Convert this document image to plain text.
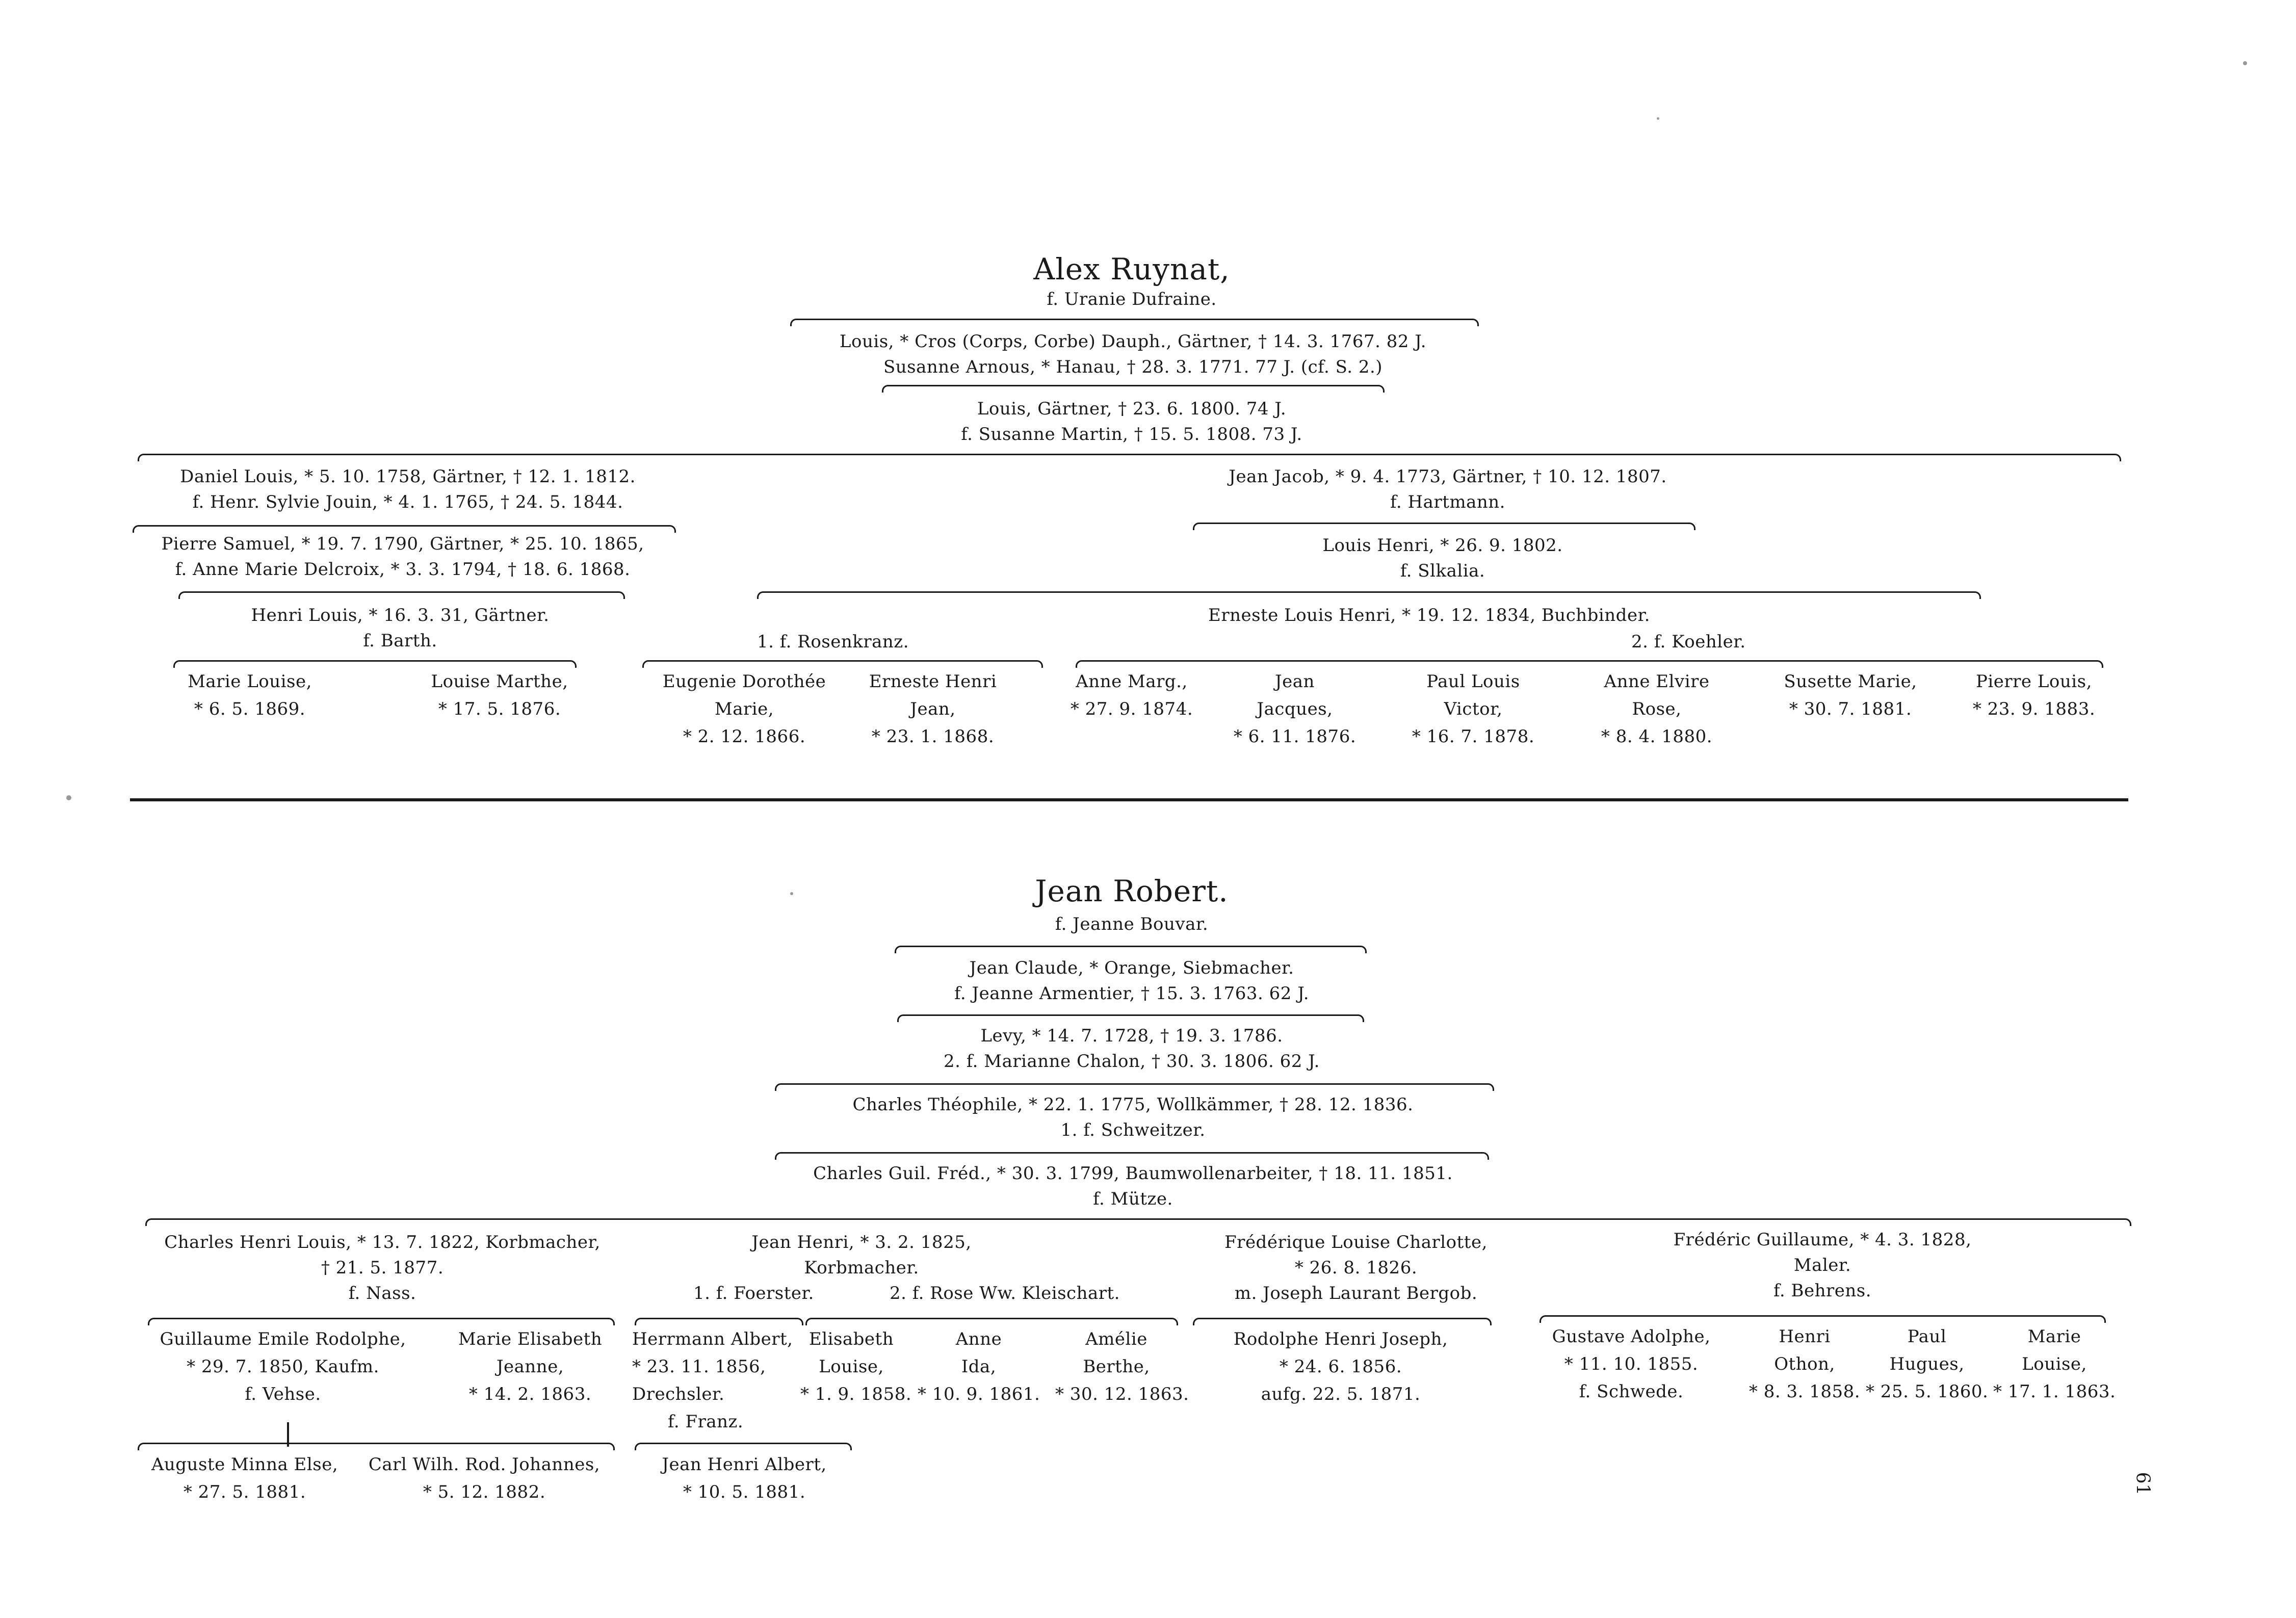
Alex Ruynat,
f. Uranie Dufraine.
Louis, * Cros (Corps, Corbe) Dauph., Gärtner, † 14. 3. 1767. 82 J.
Susanne Arnous, * Hanau, † 28. 3. 1771. 77 J. (cf. S. 2.)
Louis, Gärtner, † 23. 6. 1800. 74 J.
f. Susanne Martin, † 15. 5. 1808. 73 J.
Daniel Louis, * 5. 10. 1758, Gärtner, † 12. 1. 1812.
f. Henr. Sylvie Jouin, * 4. 1. 1765, † 24. 5. 1844.
Pierre Samuel, * 19. 7. 1790, Gärtner, * 25. 10. 1865,
f. Anne Marie Delcroix, * 3. 3. 1794, † 18. 6. 1868.
Henri Louis, * 16. 3. 31, Gärtner.
f. Barth.
Jean Jacob, * 9. 4. 1773, Gärtner, † 10. 12. 1807.
f. Hartmann.
Louis Henri, * 26. 9. 1802.
f. Slkalia.
Erneste Louis Henri, * 19. 12. 1834, Buchbinder.
1. f. Rosenkranz.	2. f. Koehler.
Marie Louise,
* 6. 5. 1869.
Louise Marthe,
* 17. 5. 1876.
Eugenie Dorothée
Marie,
* 2. 12. 1866.
Erneste Henri
Jean,
* 23. 1. 1868.
Anne Marg.,
* 27. 9. 1874.
Jean
Jacques,
* 6. 11. 1876.
Paul Louis
Victor,
* 16. 7. 1878.
Anne Elvire
Rose,
* 8. 4. 1880.
Susette Marie,
* 30. 7. 1881.
Pierre Louis,
* 23. 9. 1883.
Jean Robert.
f. Jeanne Bouvar.
Jean Claude, * Orange, Siebmacher.
f. Jeanne Armentier, † 15. 3. 1763. 62 J.
Levy, * 14. 7. 1728, † 19. 3. 1786.
2. f. Marianne Chalon, † 30. 3. 1806. 62 J.
Charles Théophile, * 22. 1. 1775, Wollkämmer, † 28. 12. 1836.
1. f. Schweitzer.
Charles Guil. Fréd., * 30. 3. 1799, Baumwollenarbeiter, † 18. 11. 1851.
f. Mütze.
Charles Henri Louis, * 13. 7. 1822, Korbmacher,
† 21. 5. 1877.
f. Nass.
Jean Henri, * 3. 2. 1825,
Korbmacher.
1. f. Foerster.	2. f. Rose Ww. Kleischart.
Frédérique Louise Charlotte,
* 26. 8. 1826.
m. Joseph Laurant Bergob.
Frédéric Guillaume, * 4. 3. 1828,
Maler.
f. Behrens.
Guillaume Emile Rodolphe,
* 29. 7. 1850, Kaufm.
f. Vehse.
Marie Elisabeth
Jeanne,
* 14. 2. 1863.
Herrmann Albert,
* 23. 11. 1856,
Drechsler.
f. Franz.
Elisabeth
Louise,
* 1. 9. 1858.
Anne
Ida,
* 10. 9. 1861.
Amélie
Berthe,
* 30. 12. 1863.
Rodolphe Henri Joseph,
* 24. 6. 1856.
aufg. 22. 5. 1871.
Gustave Adolphe,
* 11. 10. 1855.
f. Schwede.
Henri
Othon,
* 8. 3. 1858.
Paul
Hugues,
* 25. 5. 1860.
Marie
Louise,
* 17. 1. 1863.
Auguste Minna Else,
* 27. 5. 1881.
Carl Wilh. Rod. Johannes,
* 5. 12. 1882.
Jean Henri Albert,
* 10. 5. 1881.	61
